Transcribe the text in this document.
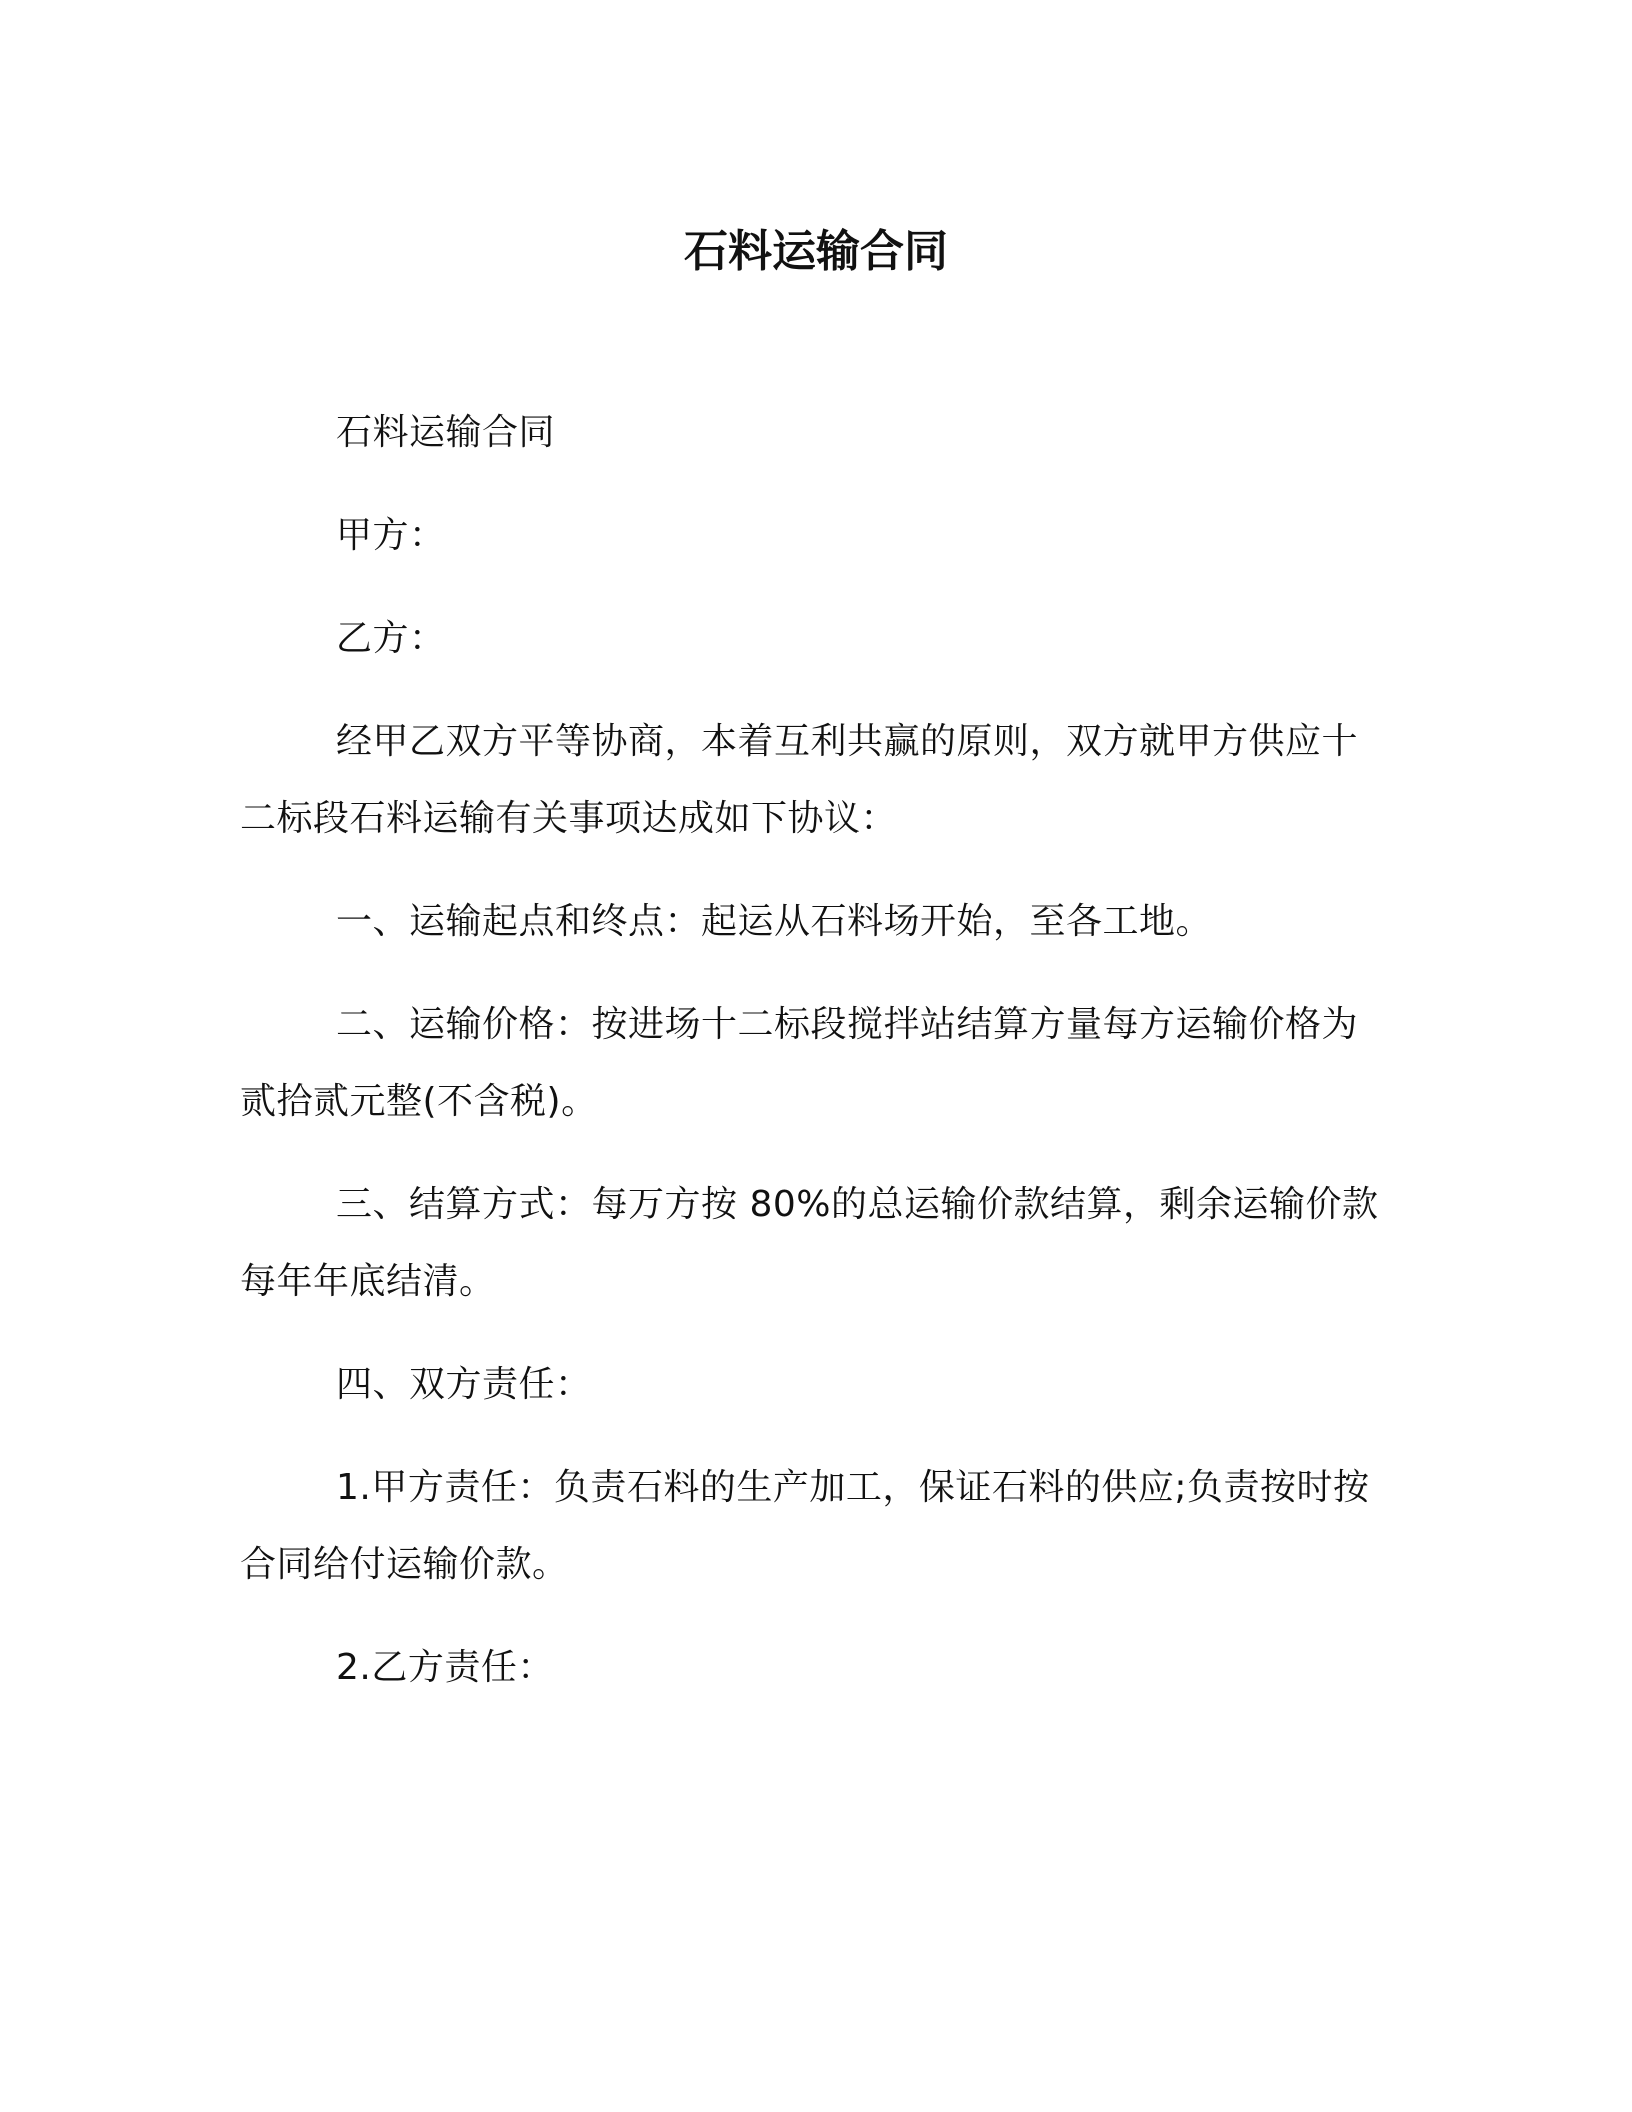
石料运输合同

石料运输合同

甲方：

乙方：

经甲乙双方平等协商，本着互利共赢的原则，双方就甲方供应十二标段石料运输有关事项达成如下协议：

一、运输起点和终点：起运从石料场开始，至各工地。

二、运输价格：按进场十二标段搅拌站结算方量每方运输价格为贰拾贰元整(不含税)。

三、结算方式：每万方按 80%的总运输价款结算，剩余运输价款每年年底结清。

四、双方责任：

1.甲方责任：负责石料的生产加工，保证石料的供应;负责按时按合同给付运输价款。

2.乙方责任：
